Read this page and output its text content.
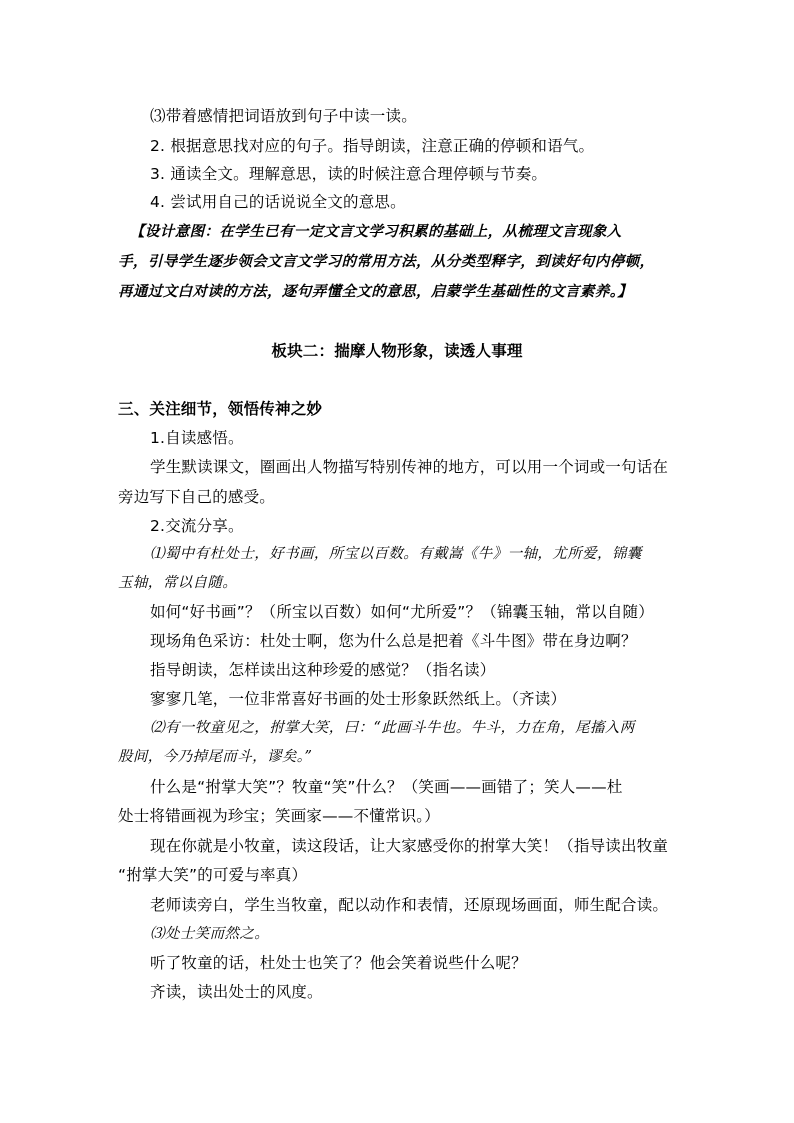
⑶带着感情把词语放到句子中读一读。

2. 根据意思找对应的句子。指导朗读，注意正确的停顿和语气。

3. 通读全文。理解意思，读的时候注意合理停顿与节奏。

4. 尝试用自己的话说说全文的意思。

【设计意图：在学生已有一定文言文学习积累的基础上，从梳理文言现象入

手，引导学生逐步领会文言文学习的常用方法，从分类型释字，到读好句内停顿，

再通过文白对读的方法，逐句弄懂全文的意思，启蒙学生基础性的文言素养。】

板块二：揣摩人物形象，读透人事理

三、关注细节，领悟传神之妙

1.自读感悟。

学生默读课文，圈画出人物描写特别传神的地方，可以用一个词或一句话在

旁边写下自己的感受。

2.交流分享。

⑴蜀中有杜处士，好书画，所宝以百数。有戴嵩《牛》一轴，尤所爱，锦囊

玉轴，常以自随。

如何“好书画”？（所宝以百数）如何“尤所爱”？（锦囊玉轴，常以自随）

现场角色采访：杜处士啊，您为什么总是把着《斗牛图》带在身边啊？

指导朗读，怎样读出这种珍爱的感觉？（指名读）

寥寥几笔，一位非常喜好书画的处士形象跃然纸上。（齐读）

⑵有一牧童见之，拊掌大笑，曰：“此画斗牛也。牛斗，力在角，尾搐入两

股间，今乃掉尾而斗，谬矣。”

什么是“拊掌大笑”？牧童“笑”什么？（笑画——画错了；笑人——杜

处士将错画视为珍宝；笑画家——不懂常识。）

现在你就是小牧童，读这段话，让大家感受你的拊掌大笑！（指导读出牧童

“拊掌大笑”的可爱与率真）

老师读旁白，学生当牧童，配以动作和表情，还原现场画面，师生配合读。

⑶处士笑而然之。

听了牧童的话，杜处士也笑了？他会笑着说些什么呢？

齐读，读出处士的风度。
